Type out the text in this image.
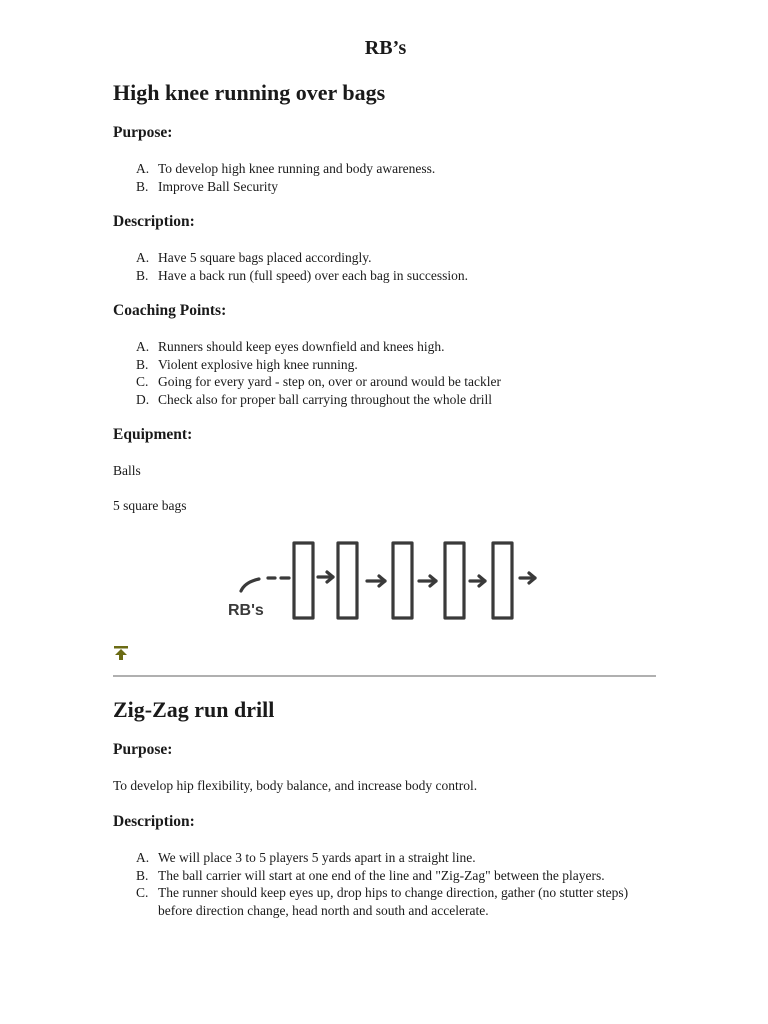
RB’s
High knee running over bags
Purpose:
A. To develop high knee running and body awareness.
B. Improve Ball Security
Description:
A. Have 5 square bags placed accordingly.
B. Have a back run (full speed) over each bag in succession.
Coaching Points:
A. Runners should keep eyes downfield and knees high.
B. Violent explosive high knee running.
C. Going for every yard - step on, over or around would be tackler
D. Check also for proper ball carrying throughout the whole drill
Equipment:

Balls

5 square bags

Zig-Zag run drill
Purpose:

To develop hip flexibility, body balance, and increase body control.

Description:
A. We will place 3 to 5 players 5 yards apart in a straight line.
B. The ball carrier will start at one end of the line and "Zig-Zag" between the players.
C. The runner should keep eyes up, drop hips to change direction, gather (no stutter steps) before direction change, head north and south and accelerate.
RB's
